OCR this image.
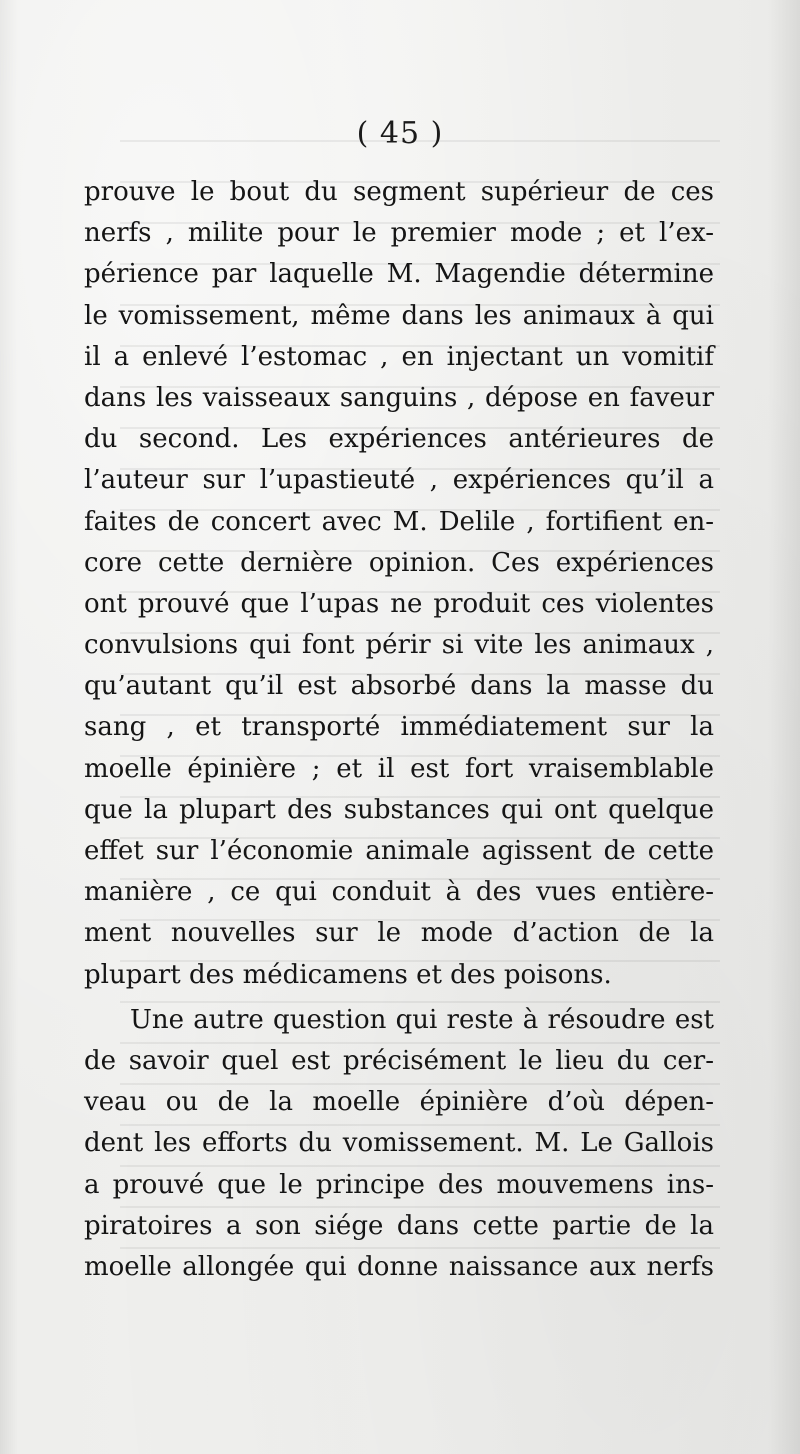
( 45 )

prouve le bout du segment supérieur de ces
nerfs , milite pour le premier mode ; et l’ex-
périence par laquelle M. Magendie détermine
le vomissement, même dans les animaux à qui
il a enlevé l’estomac , en injectant un vomitif
dans les vaisseaux sanguins , dépose en faveur
du second. Les expériences antérieures de
l’auteur sur l’upastieuté , expériences qu’il a
faites de concert avec M. Delile , fortifient en-
core cette dernière opinion. Ces expériences
ont prouvé que l’upas ne produit ces violentes
convulsions qui font périr si vite les animaux ,
qu’autant qu’il est absorbé dans la masse du
sang , et transporté immédiatement sur la
moelle épinière ; et il est fort vraisemblable
que la plupart des substances qui ont quelque
effet sur l’économie animale agissent de cette
manière , ce qui conduit à des vues entière-
ment nouvelles sur le mode d’action de la
plupart des médicamens et des poisons.
Une autre question qui reste à résoudre est
de savoir quel est précisément le lieu du cer-
veau ou de la moelle épinière d’où dépen-
dent les efforts du vomissement. M. Le Gallois
a prouvé que le principe des mouvemens ins-
piratoires a son siége dans cette partie de la
moelle allongée qui donne naissance aux nerfs
